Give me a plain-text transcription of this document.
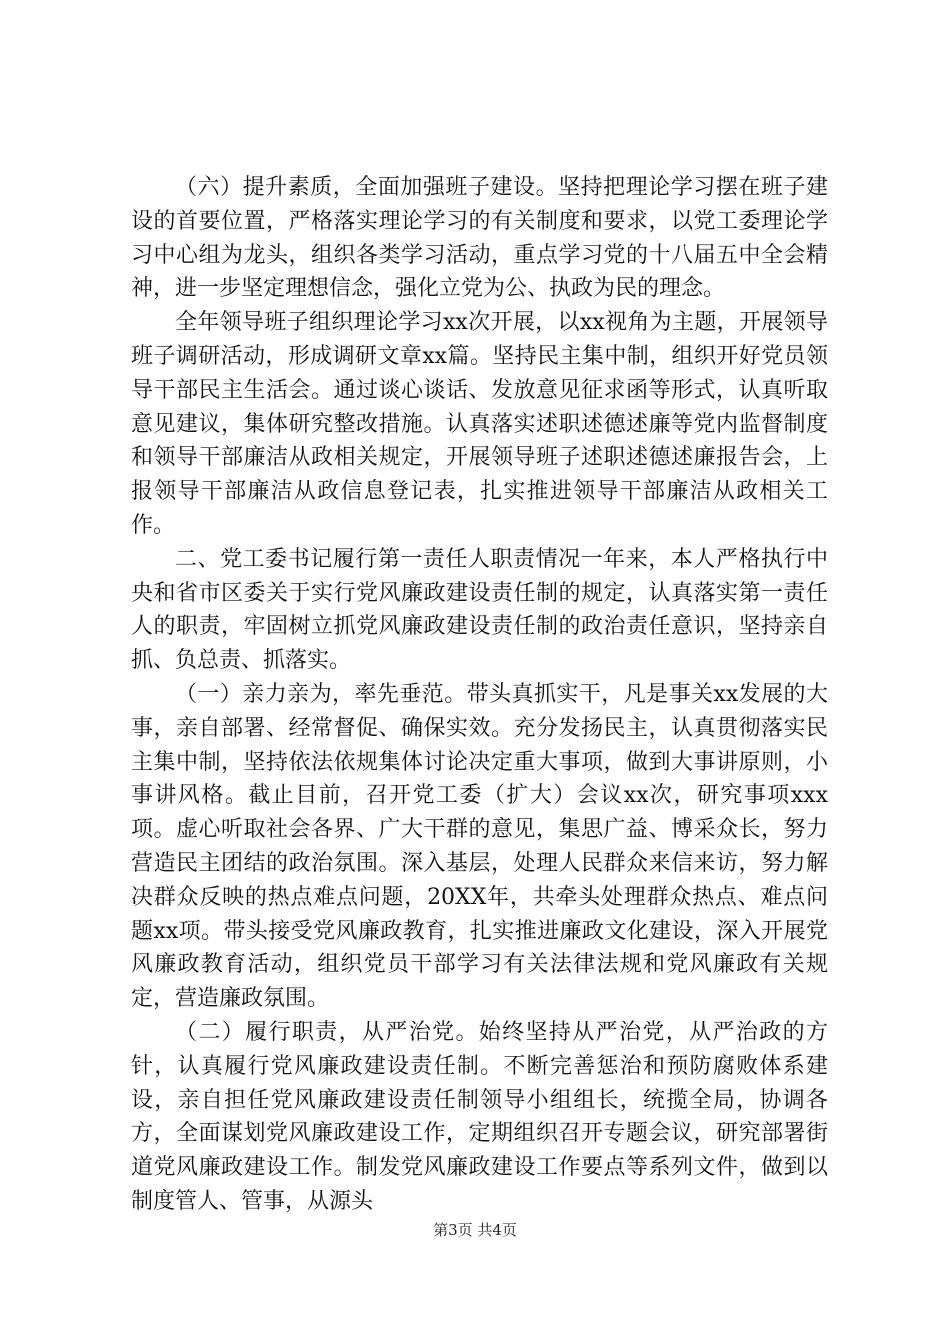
（六）提升素质，全面加强班子建设。坚持把理论学习摆在班子建设的首要位置，严格落实理论学习的有关制度和要求，以党工委理论学习中心组为龙头，组织各类学习活动，重点学习党的十八届五中全会精神，进一步坚定理想信念，强化立党为公、执政为民的理念。

全年领导班子组织理论学习xx次开展，以xx视角为主题，开展领导班子调研活动，形成调研文章xx篇。坚持民主集中制，组织开好党员领导干部民主生活会。通过谈心谈话、发放意见征求函等形式，认真听取意见建议，集体研究整改措施。认真落实述职述德述廉等党内监督制度和领导干部廉洁从政相关规定，开展领导班子述职述德述廉报告会，上报领导干部廉洁从政信息登记表，扎实推进领导干部廉洁从政相关工作。

二、党工委书记履行第一责任人职责情况一年来，本人严格执行中央和省市区委关于实行党风廉政建设责任制的规定，认真落实第一责任人的职责，牢固树立抓党风廉政建设责任制的政治责任意识，坚持亲自抓、负总责、抓落实。

（一）亲力亲为，率先垂范。带头真抓实干，凡是事关xx发展的大事，亲自部署、经常督促、确保实效。充分发扬民主，认真贯彻落实民主集中制，坚持依法依规集体讨论决定重大事项，做到大事讲原则，小事讲风格。截止目前，召开党工委（扩大）会议xx次，研究事项xxx项。虚心听取社会各界、广大干群的意见，集思广益、博采众长，努力营造民主团结的政治氛围。深入基层，处理人民群众来信来访，努力解决群众反映的热点难点问题，20XX年，共牵头处理群众热点、难点问题xx项。带头接受党风廉政教育，扎实推进廉政文化建设，深入开展党风廉政教育活动，组织党员干部学习有关法律法规和党风廉政有关规定，营造廉政氛围。

（二）履行职责，从严治党。始终坚持从严治党，从严治政的方针，认真履行党风廉政建设责任制。不断完善惩治和预防腐败体系建设，亲自担任党风廉政建设责任制领导小组组长，统揽全局，协调各方，全面谋划党风廉政建设工作，定期组织召开专题会议，研究部署街道党风廉政建设工作。制发党风廉政建设工作要点等系列文件，做到以制度管人、管事，从源头

第3页 共4页
